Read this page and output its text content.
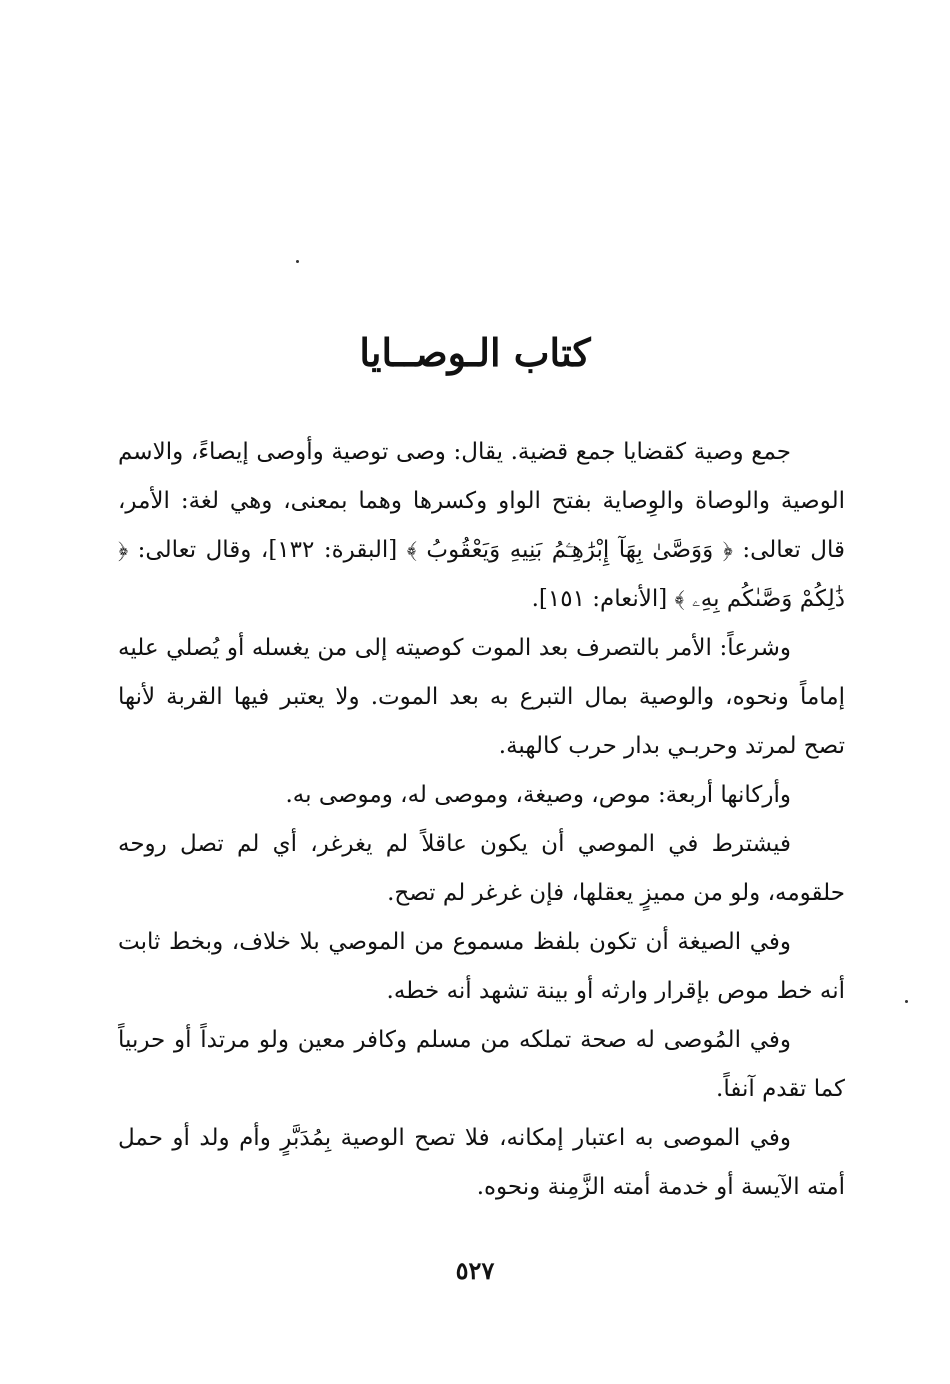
كتاب الـوصــايا

جمع وصية كقضايا جمع قضية. يقال: وصى توصية وأوصى إيصاءً، والاسم الوصية والوصاة والوِصاية بفتح الواو وكسرها وهما بمعنى، وهي لغة: الأمر، قال تعالى: ﴿ وَوَصَّىٰ بِهَآ إِبْرَٰهِـۧمُ بَنِيهِ وَيَعْقُوبُ ﴾ [البقرة: ١٣٢]، وقال تعالى: ﴿ ذَٰلِكُمْ وَصَّىٰكُم بِهِۦ ﴾ [الأنعام: ١٥١].

وشرعاً: الأمر بالتصرف بعد الموت كوصيته إلى من يغسله أو يُصلي عليه إماماً ونحوه، والوصية بمال التبرع به بعد الموت. ولا يعتبر فيها القربة لأنها تصح لمرتد وحربـي بدار حرب كالهبة.

وأركانها أربعة: موص، وصيغة، وموصى له، وموصى به.

فيشترط في الموصي أن يكون عاقلاً لم يغرغر، أي لم تصل روحه حلقومه، ولو من مميزٍ يعقلها، فإن غرغر لم تصح.

وفي الصيغة أن تكون بلفظ مسموع من الموصي بلا خلاف، وبخط ثابت أنه خط موص بإقرار وارثه أو بينة تشهد أنه خطه.

وفي المُوصى له صحة تملكه من مسلم وكافر معين ولو مرتداً أو حربياً كما تقدم آنفاً.

وفي الموصى به اعتبار إمكانه، فلا تصح الوصية بِمُدَبَّرٍ وأم ولد أو حمل أمته الآيسة أو خدمة أمته الزَّمِنة ونحوه.

٥٢٧
